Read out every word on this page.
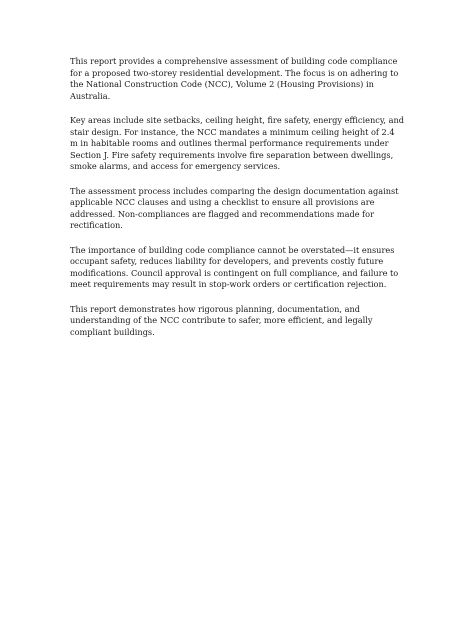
This report provides a comprehensive assessment of building code compliance for a proposed two-storey residential development. The focus is on adhering to the National Construction Code (NCC), Volume 2 (Housing Provisions) in Australia.

Key areas include site setbacks, ceiling height, fire safety, energy efficiency, and stair design. For instance, the NCC mandates a minimum ceiling height of 2.4 m in habitable rooms and outlines thermal performance requirements under Section J. Fire safety requirements involve fire separation between dwellings, smoke alarms, and access for emergency services.

The assessment process includes comparing the design documentation against applicable NCC clauses and using a checklist to ensure all provisions are addressed. Non-compliances are flagged and recommendations made for rectification.

The importance of building code compliance cannot be overstated—it ensures occupant safety, reduces liability for developers, and prevents costly future modifications. Council approval is contingent on full compliance, and failure to meet requirements may result in stop-work orders or certification rejection.

This report demonstrates how rigorous planning, documentation, and understanding of the NCC contribute to safer, more efficient, and legally compliant buildings.
